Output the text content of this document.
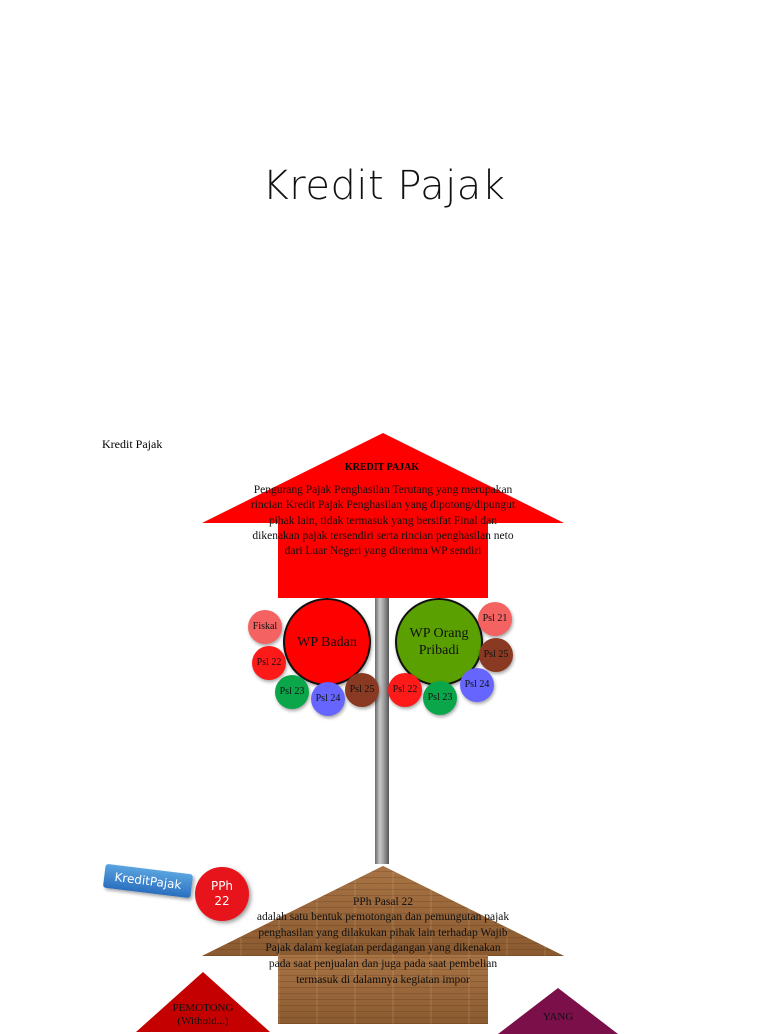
Kredit Pajak
Kredit Pajak
KREDIT PAJAK
Pengurang Pajak Penghasilan Terutang yang merupakan rincian Kredit Pajak Penghasilan yang dipotong/dipungut pihak lain, tidak termasuk yang bersifat Final dan dikenakan pajak tersendiri serta rincian penghasilan neto dari Luar Negeri yang diterima WP sendiri
Fiskal
Psl 22
WP Badan
Psl 23
Psl 24
Psl 25
WP Orang Pribadi
Psl 21
Psl 25
Psl 24
Psl 23
Psl 22
KreditPajak	PPh
22	PPh Pasal 22
adalah satu bentuk pemotongan dan pemungutan pajak penghasilan yang dilakukan pihak lain terhadap Wajib Pajak dalam kegiatan perdagangan yang dikenakan pada saat penjualan dan juga pada saat pembelian termasuk di dalamnya kegiatan impor
PEMOTONG
(Withold...)	YANG
